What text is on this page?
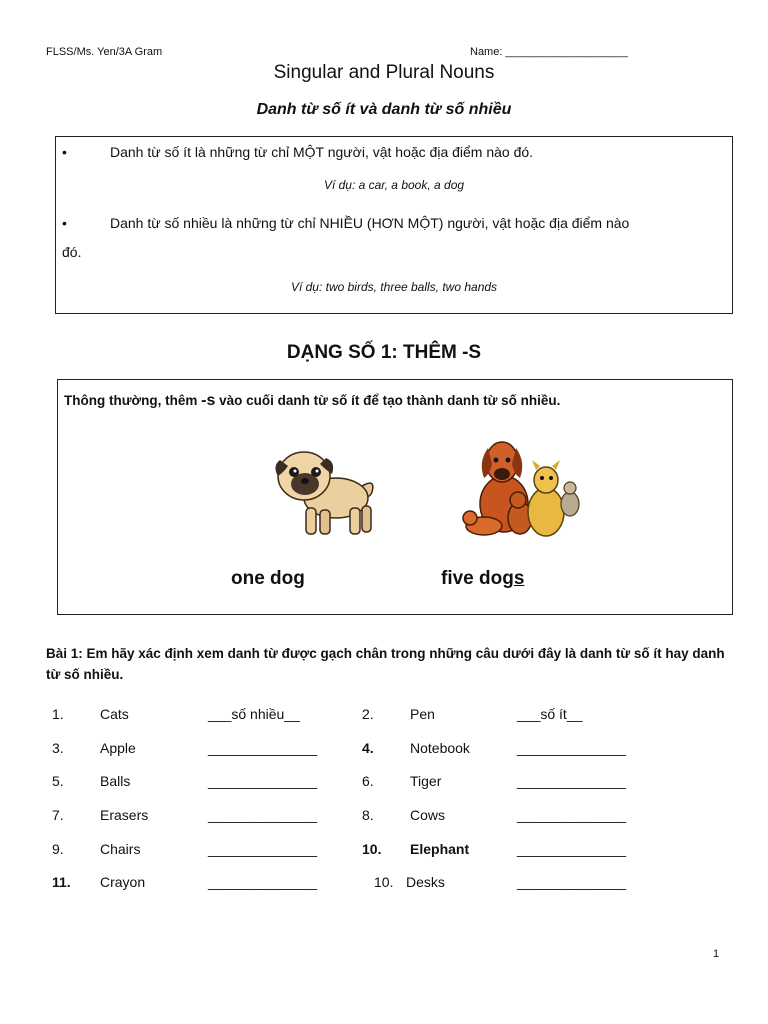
FLSS/Ms. Yen/3A Gram	Name: ____________________
Singular and Plural Nouns
Danh từ số ít và danh từ số nhiều
•	Danh từ số ít là những từ chỉ MỘT người, vật hoặc địa điểm nào đó.
Ví dụ: a car, a book, a dog
•	Danh từ số nhiều là những từ chỉ NHIỀU (HƠN MỘT) người, vật hoặc địa điểm nào
đó.
Ví dụ: two birds, three balls, two hands
DẠNG SỐ 1: THÊM -S
Thông thường, thêm -s vào cuối danh từ số ít để tạo thành danh từ số nhiều.
one dog	five dogs
Bài 1: Em hãy xác định xem danh từ được gạch chân trong những câu dưới đây là danh từ số ít hay danh từ số nhiều.
1.	Cats	___số nhiều__	2.	Pen	___số ít__
3.	Apple	______________	4.	Notebook	______________
5.	Balls	______________	6.	Tiger	______________
7.	Erasers	______________	8.	Cows	______________
9.	Chairs	______________	10. Elephant	______________
11. Crayon	______________	10. Desks	______________
1
